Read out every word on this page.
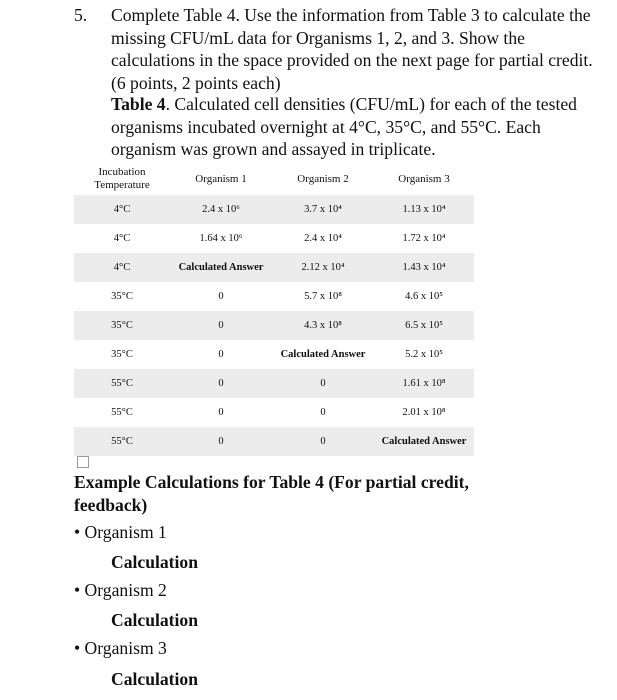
5. Complete Table 4. Use the information from Table 3 to calculate the missing CFU/mL data for Organisms 1, 2, and 3. Show the calculations in the space provided on the next page for partial credit. (6 points, 2 points each)
Table 4. Calculated cell densities (CFU/mL) for each of the tested organisms incubated overnight at 4°C, 35°C, and 55°C. Each organism was grown and assayed in triplicate.
Incubation Temperature	Organism 1	Organism 2	Organism 3
4°C	2.4 x 10⁶	3.7 x 10⁴	1.13 x 10⁴
4°C	1.64 x 10⁶	2.4 x 10⁴	1.72 x 10⁴
4°C	Calculated Answer	2.12 x 10⁴	1.43 x 10⁴
35°C	0	5.7 x 10⁸	4.6 x 10⁵
35°C	0	4.3 x 10⁸	6.5 x 10⁵
35°C	0	Calculated Answer	5.2 x 10⁵
55°C	0	0	1.61 x 10⁸
55°C	0	0	2.01 x 10⁸
55°C	0	0	Calculated Answer
Example Calculations for Table 4 (For partial credit, feedback)
• Organism 1
Calculation
• Organism 2
Calculation
• Organism 3
Calculation
